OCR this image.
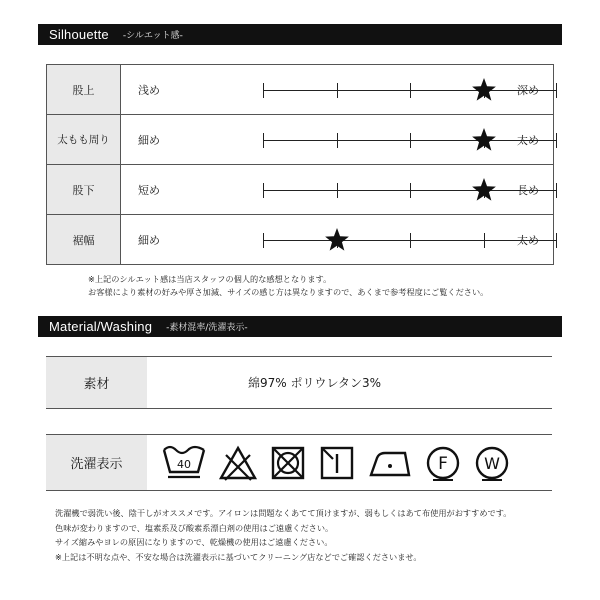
Silhouette -シルエット感-
股上	浅め	深め
太もも周り	細め	太め
股下	短め	長め
裾幅	細め	太め
※上記のシルエット感は当店スタッフの個人的な感想となります。
お客様により素材の好みや厚さ加減、サイズの感じ方は異なりますので、あくまで参考程度にご覧ください。
Material/Washing -素材混率/洗濯表示-
素材	綿97% ポリウレタン3%
洗濯表示	40	F W
洗濯機で弱洗い後、陰干しがオススメです。アイロンは問題なくあてて頂けますが、弱もしくはあて布使用がおすすめです。
色味が変わりますので、塩素系及び酸素系漂白剤の使用はご遠慮ください。
サイズ縮みやヨレの原因になりますので、乾燥機の使用はご遠慮ください。
※上記は不明な点や、不安な場合は洗濯表示に基づいてクリーニング店などでご確認くださいませ。
